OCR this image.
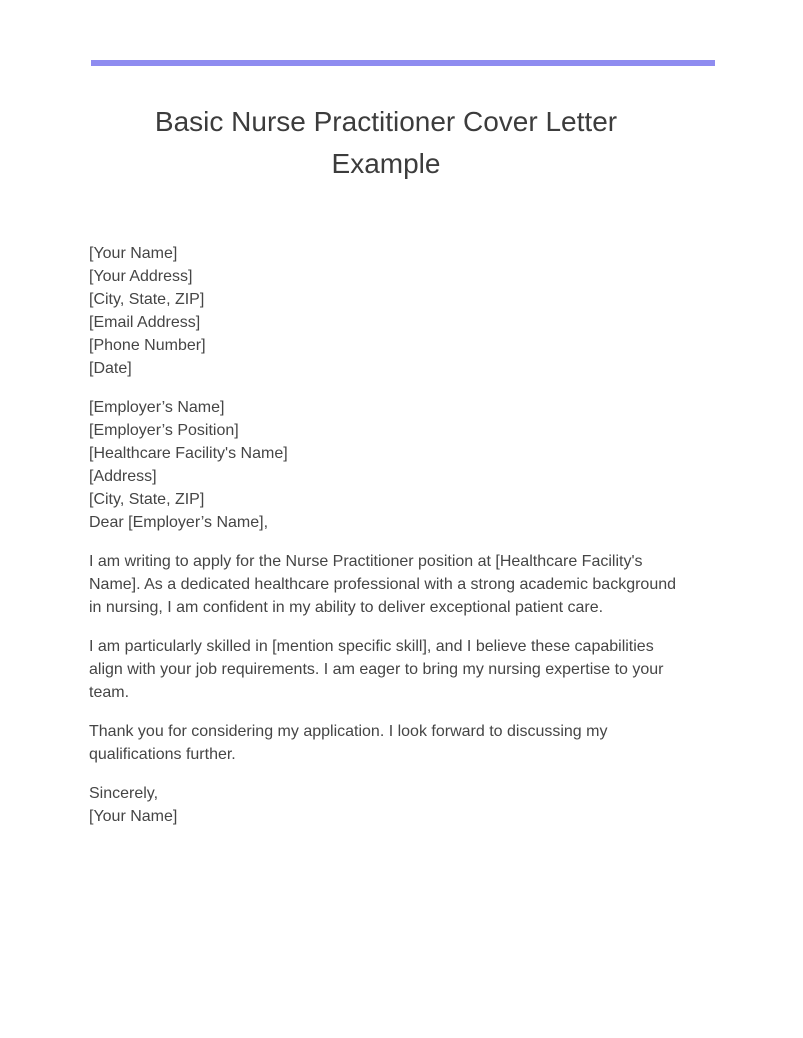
Basic Nurse Practitioner Cover Letter Example
[Your Name]
[Your Address]
[City, State, ZIP]
[Email Address]
[Phone Number]
[Date]
[Employer’s Name]
[Employer’s Position]
[Healthcare Facility's Name]
[Address]
[City, State, ZIP]
Dear [Employer’s Name],
I am writing to apply for the Nurse Practitioner position at [Healthcare Facility's
Name]. As a dedicated healthcare professional with a strong academic background
in nursing, I am confident in my ability to deliver exceptional patient care.
I am particularly skilled in [mention specific skill], and I believe these capabilities
align with your job requirements. I am eager to bring my nursing expertise to your
team.
Thank you for considering my application. I look forward to discussing my
qualifications further.
Sincerely,
[Your Name]
